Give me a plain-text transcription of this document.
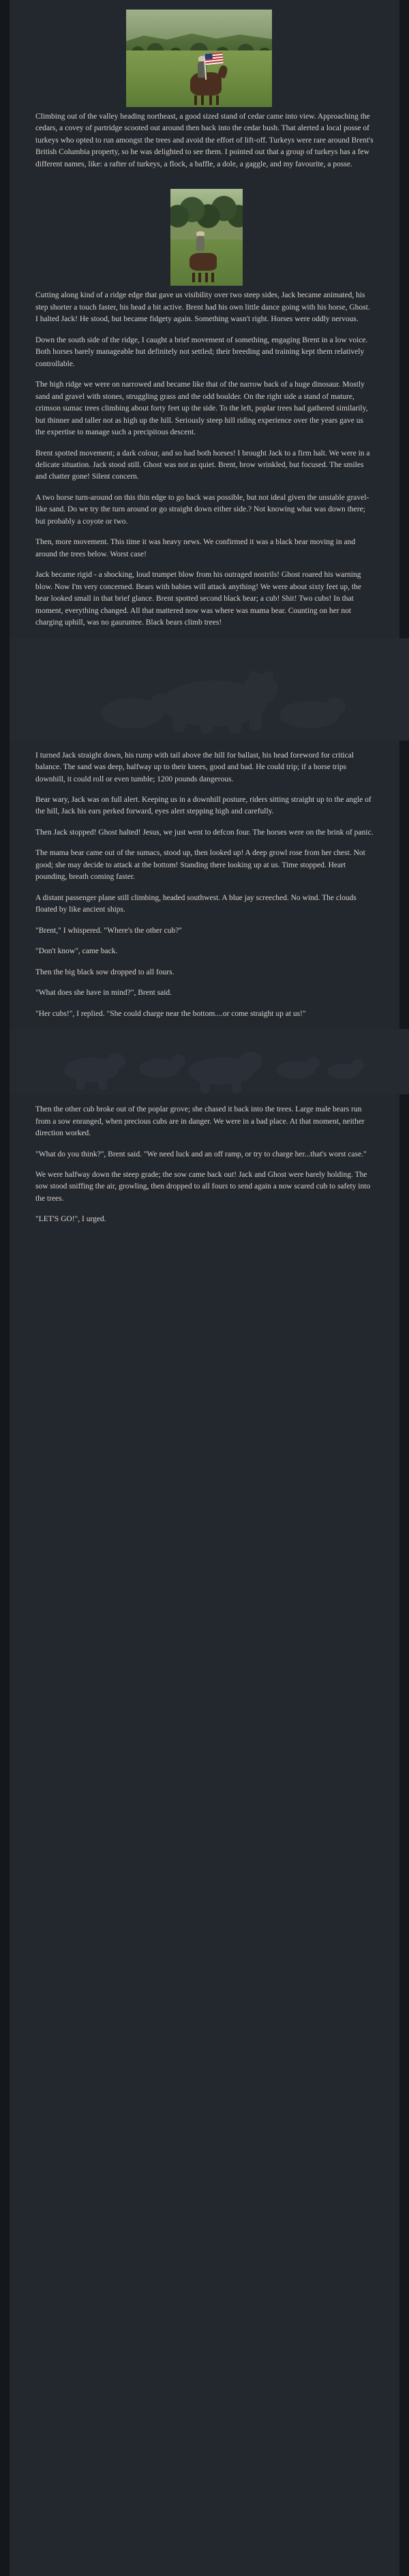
Climbing out of the valley heading northeast, a good sized stand of cedar came into view. Approaching the cedars, a covey of partridge scooted out around then back into the cedar bush. That alerted a local posse of turkeys who opted to run amongst the trees and avoid the effort of lift-off. Turkeys were rare around Brent's British Columbia property, so he was delighted to see them. I pointed out that a group of turkeys has a few different names, like: a rafter of turkeys, a flock, a baffle, a dole, a gaggle, and my favourite, a posse.

Cutting along kind of a ridge edge that gave us visibility over two steep sides, Jack became animated, his step shorter a touch faster, his head a bit active. Brent had his own little dance going with his horse, Ghost. I halted Jack! He stood, but became fidgety again. Something wasn't right. Horses were oddly nervous.

Down the south side of the ridge, I caught a brief movement of something, engaging Brent in a low voice. Both horses barely manageable but definitely not settled; their breeding and training kept them relatively controllable.

The high ridge we were on narrowed and became like that of the narrow back of a huge dinosaur. Mostly sand and gravel with stones, struggling grass and the odd boulder. On the right side a stand of mature, crimson sumac trees climbing about forty feet up the side. To the left, poplar trees had gathered similarily, but thinner and taller not as high up the hill. Seriously steep hill riding experience over the years gave us the expertise to manage such a precipitous descent.

Brent spotted movement; a dark colour, and so had both horses! I brought Jack to a firm halt. We were in a delicate situation. Jack stood still. Ghost was not as quiet. Brent, brow wrinkled, but focused. The smiles and chatter gone! Silent concern.

A two horse turn-around on this thin edge to go back was possible, but not ideal given the unstable gravel-like sand. Do we try the turn around or go straight down either side.? Not knowing what was down there; but probably a coyote or two.

Then, more movement. This time it was heavy news. We confirmed it was a black bear moving in and around the trees below. Worst case!

Jack became rigid - a shocking, loud trumpet blow from his outraged nostrils! Ghost roared his warning blow. Now I'm very concerned. Bears with babies will attack anything! We were about sixty feet up, the bear looked small in that brief glance. Brent spotted second black bear; a cub! Shit! Two cubs! In that moment, everything changed. All that mattered now was where was mama bear. Counting on her not charging uphill, was no gauruntee. Black bears climb trees!

I turned Jack straight down, his rump with tail above the hill for ballast, his head foreword for critical balance. The sand was deep, halfway up to their knees, good and bad. He could trip; if a horse trips downhill, it could roll or even tumble; 1200 pounds dangerous.

Bear wary, Jack was on full alert. Keeping us in a downhill posture, riders sitting straight up to the angle of the hill, Jack his ears perked forward, eyes alert stepping high and carefully.

Then Jack stopped! Ghost halted! Jesus, we just went to defcon four. The horses were on the brink of panic.

The mama bear came out of the sumacs, stood up, then looked up! A deep growl rose from her chest. Not good; she may decide to attack at the bottom! Standing there looking up at us. Time stopped. Heart pounding, breath coming faster.

A distant passenger plane still climbing, headed southwest. A blue jay screeched. No wind. The clouds floated by like ancient ships.

"Brent," I whispered. "Where's the other cub?"

"Don't know", came back.

Then the big black sow dropped to all fours.

"What does she have in mind?", Brent said.

"Her cubs!", I replied. "She could charge near the bottom....or come straight up at us!"

Then the other cub broke out of the poplar grove; she chased it back into the trees. Large male bears run from a sow enranged, when precious cubs are in danger. We were in a bad place. At that moment, neither direction worked.

"What do you think?", Brent said. "We need luck and an off ramp, or try to charge her...that's worst case."

We were halfway down the steep grade; the sow came back out! Jack and Ghost were barely holding. The sow stood sniffing the air, growling, then dropped to all fours to send again a now scared cub to safety into the trees.

"LET'S GO!", I urged.
